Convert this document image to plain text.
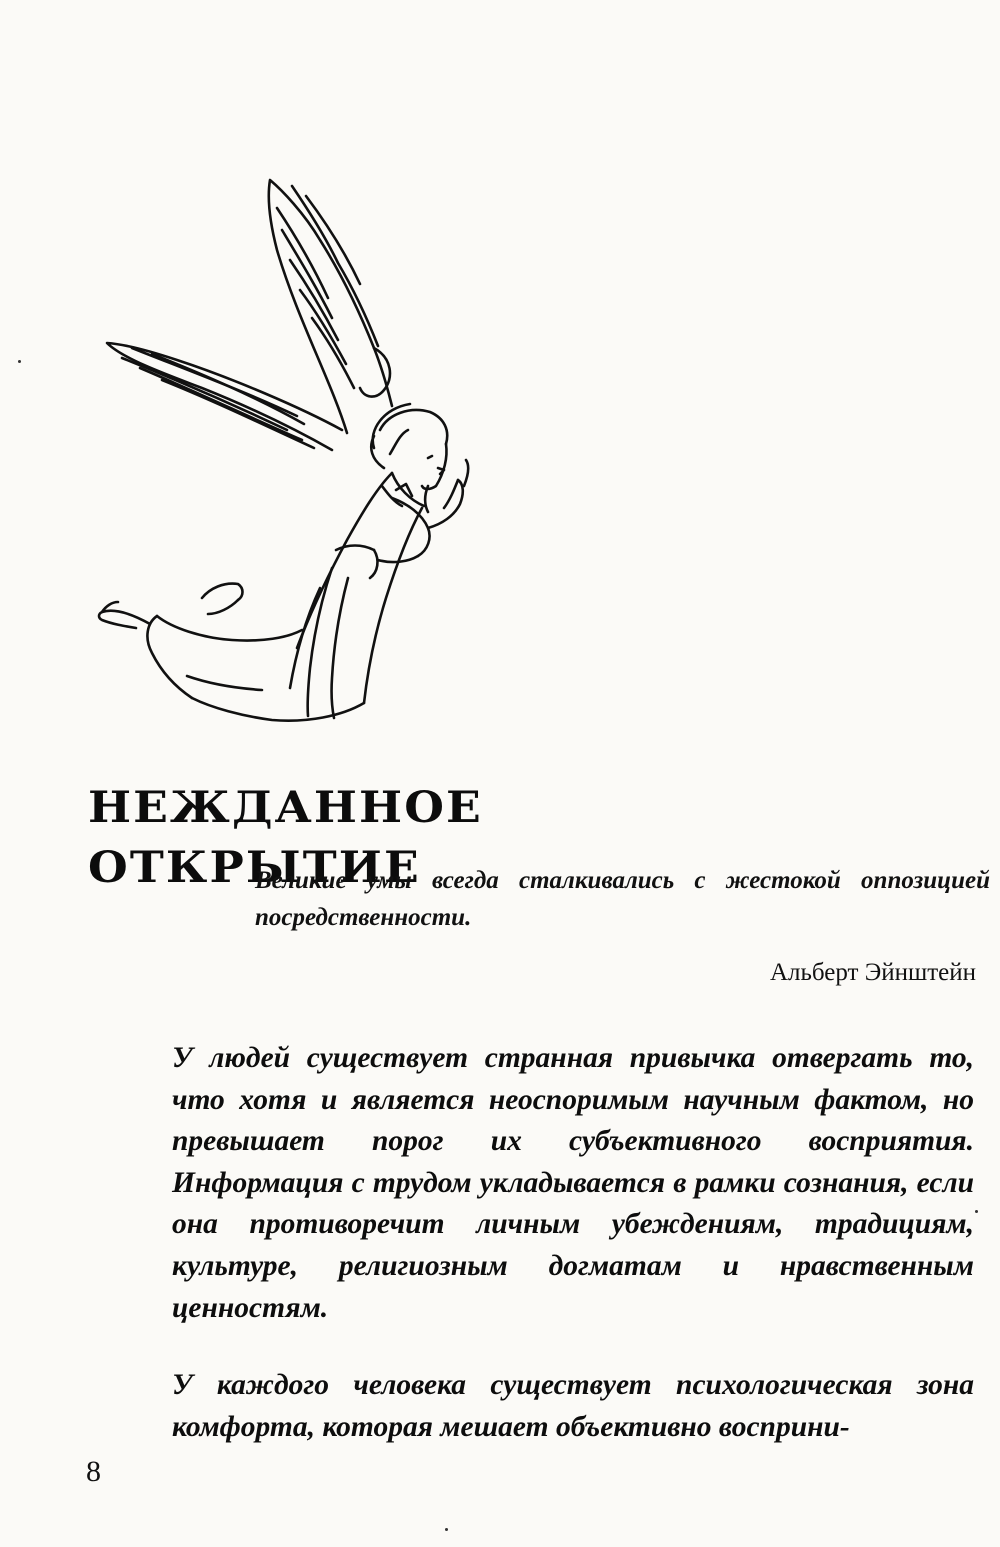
НЕЖДАННОЕ ОТКРЫТИЕ

Великие умы всегда сталкивались с жестокой оппозицией посредственности.

Альберт Эйнштейн

У людей существует странная привычка отвергать то, что хотя и является неоспоримым научным фактом, но превышает порог их субъективного восприятия. Информация с трудом укладывается в рамки сознания, если она противоречит личным убеждениям, традициям, культуре, религиозным догматам и нравственным ценностям.

У каждого человека существует психологическая зона комфорта, которая мешает объективно восприни-

8
